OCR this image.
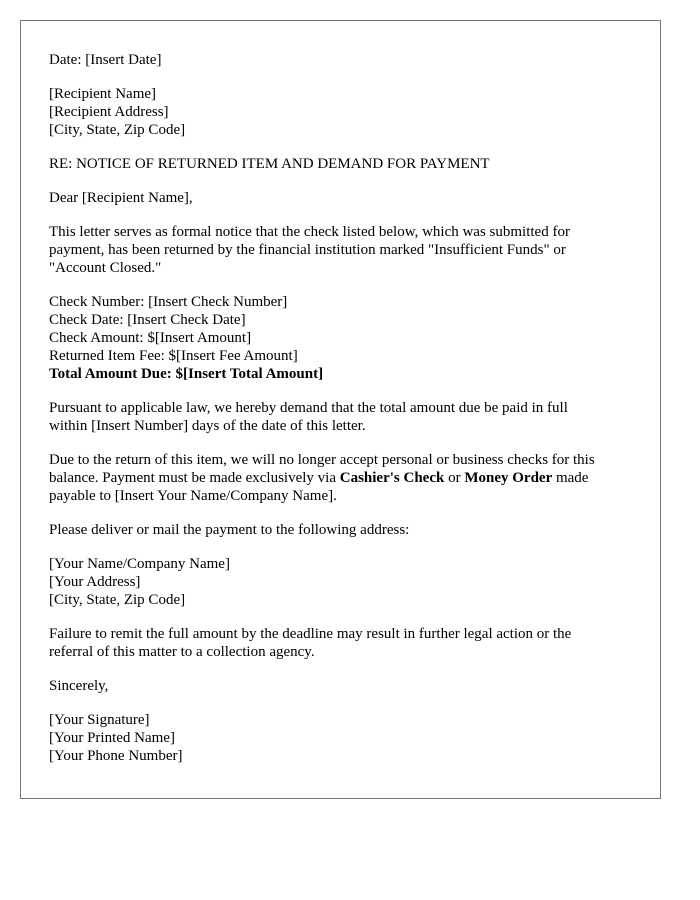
Date: [Insert Date]
[Recipient Name]
[Recipient Address]
[City, State, Zip Code]
RE: NOTICE OF RETURNED ITEM AND DEMAND FOR PAYMENT
Dear [Recipient Name],
This letter serves as formal notice that the check listed below, which was submitted for
payment, has been returned by the financial institution marked "Insufficient Funds" or
"Account Closed."
Check Number: [Insert Check Number]
Check Date: [Insert Check Date]
Check Amount: $[Insert Amount]
Returned Item Fee: $[Insert Fee Amount]
Total Amount Due: $[Insert Total Amount]
Pursuant to applicable law, we hereby demand that the total amount due be paid in full
within [Insert Number] days of the date of this letter.
Due to the return of this item, we will no longer accept personal or business checks for this
balance. Payment must be made exclusively via Cashier's Check or Money Order made
payable to [Insert Your Name/Company Name].
Please deliver or mail the payment to the following address:
[Your Name/Company Name]
[Your Address]
[City, State, Zip Code]
Failure to remit the full amount by the deadline may result in further legal action or the
referral of this matter to a collection agency.
Sincerely,
[Your Signature]
[Your Printed Name]
[Your Phone Number]
